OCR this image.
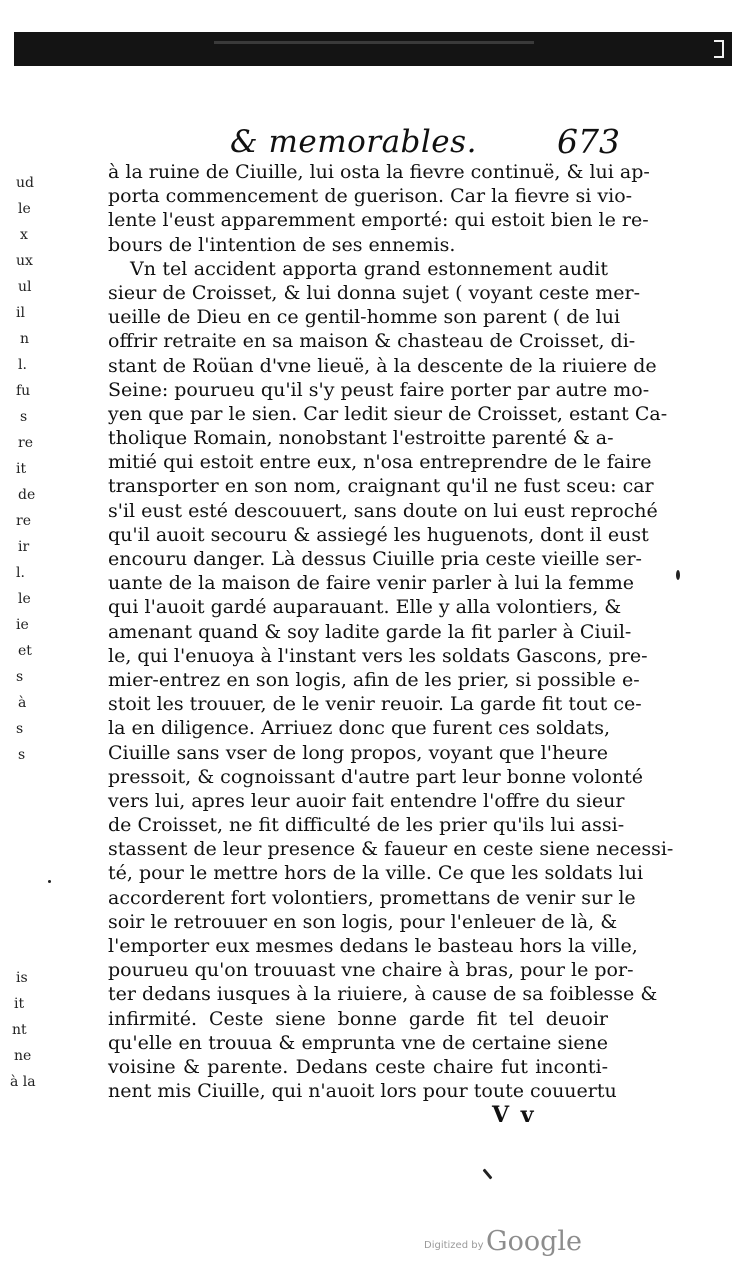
& memorables. 673
ud
le
x
ux
ul
il
n
l.
fu
s
re
it
de
re
ir
l.
le
ie
et
s
à
s
s
is
it
nt
ne
à la
à la ruine de Ciuille, lui osta la fievre continuë, & lui ap-
porta commencement de guerison. Car la fievre si vio-
lente l'eust apparemment emporté: qui estoit bien le re-
bours de l'intention de ses ennemis.
Vn tel accident apporta grand estonnement audit
sieur de Croisset, & lui donna sujet ( voyant ceste mer-
ueille de Dieu en ce gentil-homme son parent ( de lui
offrir retraite en sa maison & chasteau de Croisset, di-
stant de Roüan d'vne lieuë, à la descente de la riuiere de
Seine: pourueu qu'il s'y peust faire porter par autre mo-
yen que par le sien. Car ledit sieur de Croisset, estant Ca-
tholique Romain, nonobstant l'estroitte parenté & a-
mitié qui estoit entre eux, n'osa entreprendre de le faire
transporter en son nom, craignant qu'il ne fust sceu: car
s'il eust esté descouuert, sans doute on lui eust reproché
qu'il auoit secouru & assiegé les huguenots, dont il eust
encouru danger. Là dessus Ciuille pria ceste vieille ser-
uante de la maison de faire venir parler à lui la femme
qui l'auoit gardé auparauant. Elle y alla volontiers, &
amenant quand & soy ladite garde la fit parler à Ciuil-
le, qui l'enuoya à l'instant vers les soldats Gascons, pre-
mier-entrez en son logis, afin de les prier, si possible e-
stoit les trouuer, de le venir reuoir. La garde fit tout ce-
la en diligence. Arriuez donc que furent ces soldats,
Ciuille sans vser de long propos, voyant que l'heure
pressoit, & cognoissant d'autre part leur bonne volonté
vers lui, apres leur auoir fait entendre l'offre du sieur
de Croisset, ne fit difficulté de les prier qu'ils lui assi-
stassent de leur presence & faueur en ceste siene necessi-
té, pour le mettre hors de la ville. Ce que les soldats lui
accorderent fort volontiers, promettans de venir sur le
soir le retrouuer en son logis, pour l'enleuer de là, &
l'emporter eux mesmes dedans le basteau hors la ville,
pourueu qu'on trouuast vne chaire à bras, pour le por-
ter dedans iusques à la riuiere, à cause de sa foiblesse &
infirmité. Ceste siene bonne garde fit tel deuoir
qu'elle en trouua & emprunta vne de certaine siene
voisine & parente. Dedans ceste chaire fut inconti-
nent mis Ciuille, qui n'auoit lors pour toute couuertu
V v
Digitized by Google
